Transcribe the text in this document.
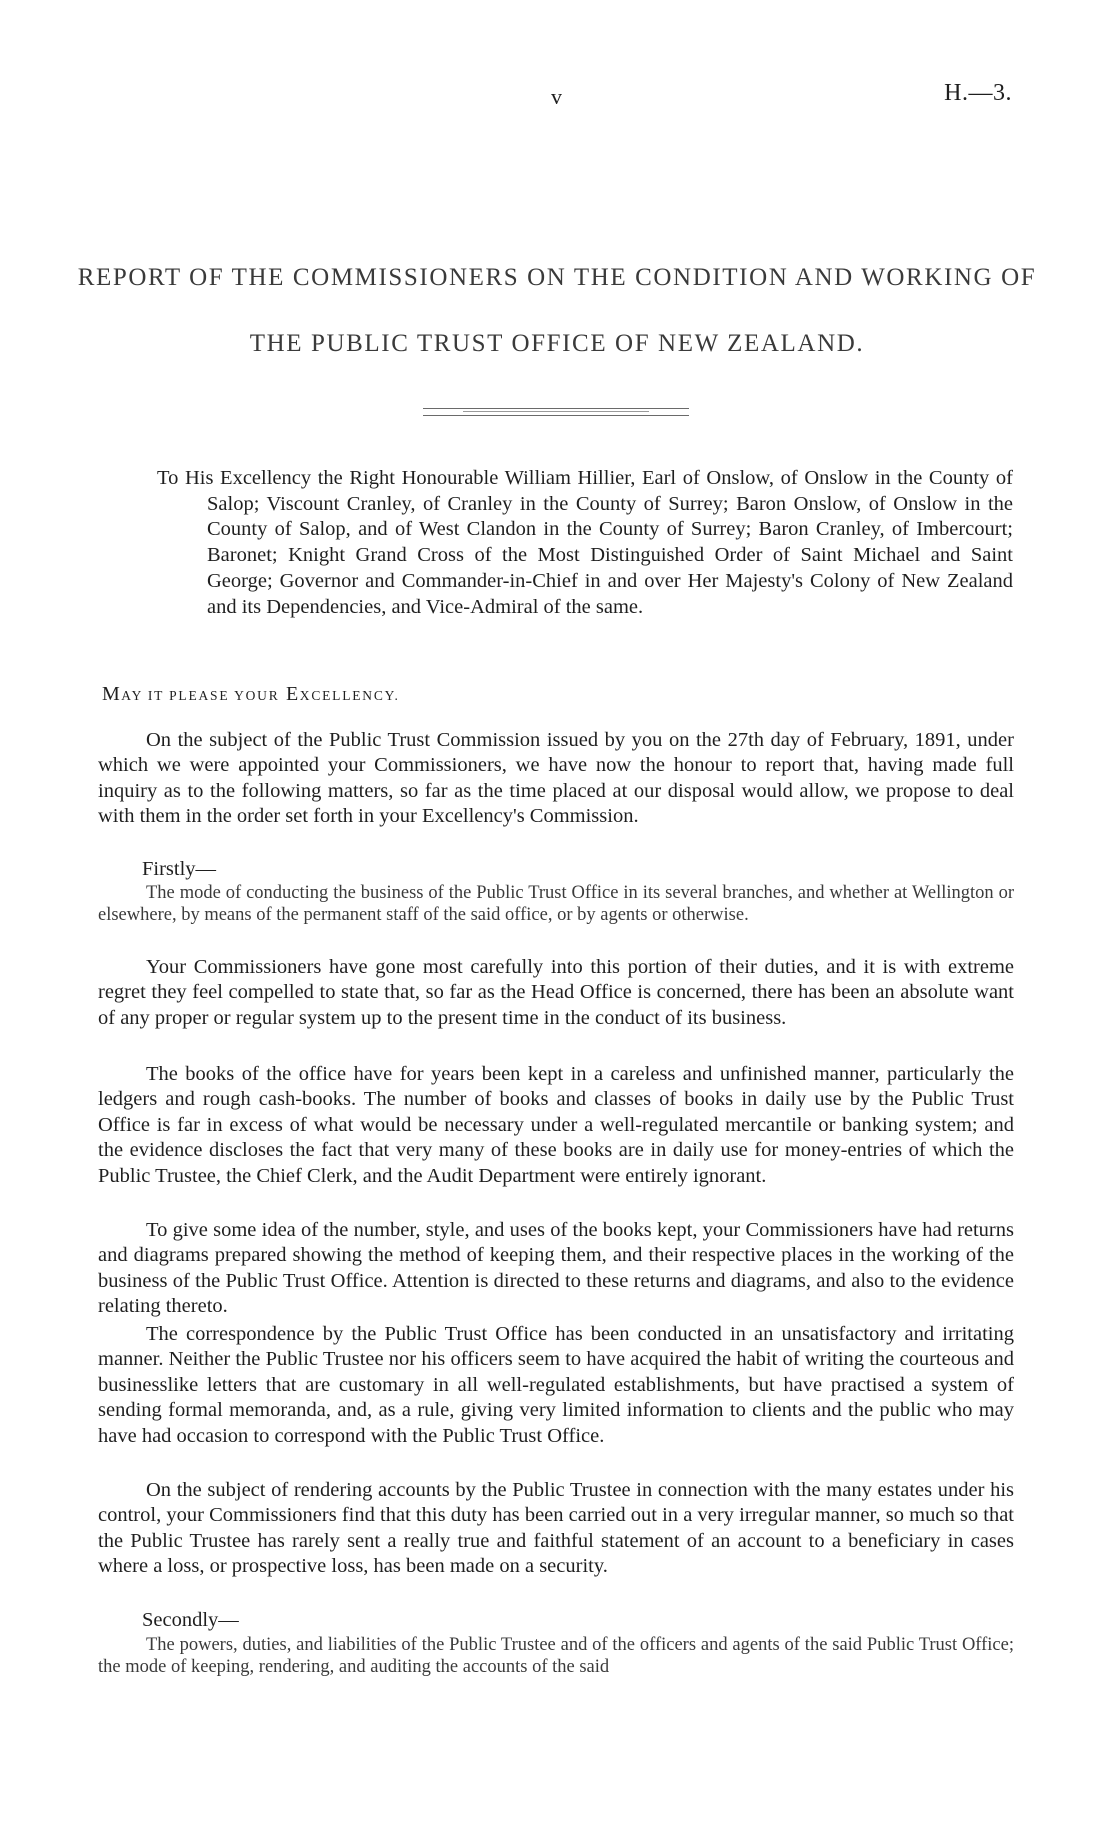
v	H.—3.
REPORT OF THE COMMISSIONERS ON THE CONDITION AND WORKING OF
THE PUBLIC TRUST OFFICE OF NEW ZEALAND.

To His Excellency the Right Honourable William Hillier, Earl of Onslow, of Onslow in the County of Salop; Viscount Cranley, of Cranley in the County of Surrey; Baron Onslow, of Onslow in the County of Salop, and of West Clandon in the County of Surrey; Baron Cranley, of Imbercourt; Baronet; Knight Grand Cross of the Most Distinguished Order of Saint Michael and Saint George; Governor and Commander-in-Chief in and over Her Majesty's Colony of New Zealand and its Dependencies, and Vice-Admiral of the same.

MAY IT PLEASE YOUR EXCELLENCY.

On the subject of the Public Trust Commission issued by you on the 27th day of February, 1891, under which we were appointed your Commissioners, we have now the honour to report that, having made full inquiry as to the following matters, so far as the time placed at our disposal would allow, we propose to deal with them in the order set forth in your Excellency's Commission.

Firstly—

The mode of conducting the business of the Public Trust Office in its several branches, and whether at Wellington or elsewhere, by means of the permanent staff of the said office, or by agents or otherwise.

Your Commissioners have gone most carefully into this portion of their duties, and it is with extreme regret they feel compelled to state that, so far as the Head Office is concerned, there has been an absolute want of any proper or regular system up to the present time in the conduct of its business.

The books of the office have for years been kept in a careless and unfinished manner, particularly the ledgers and rough cash-books. The number of books and classes of books in daily use by the Public Trust Office is far in excess of what would be necessary under a well-regulated mercantile or banking system; and the evidence discloses the fact that very many of these books are in daily use for money-entries of which the Public Trustee, the Chief Clerk, and the Audit Department were entirely ignorant.

To give some idea of the number, style, and uses of the books kept, your Commissioners have had returns and diagrams prepared showing the method of keeping them, and their respective places in the working of the business of the Public Trust Office. Attention is directed to these returns and diagrams, and also to the evidence relating thereto.

The correspondence by the Public Trust Office has been conducted in an unsatisfactory and irritating manner. Neither the Public Trustee nor his officers seem to have acquired the habit of writing the courteous and businesslike letters that are customary in all well-regulated establishments, but have practised a system of sending formal memoranda, and, as a rule, giving very limited information to clients and the public who may have had occasion to correspond with the Public Trust Office.

On the subject of rendering accounts by the Public Trustee in connection with the many estates under his control, your Commissioners find that this duty has been carried out in a very irregular manner, so much so that the Public Trustee has rarely sent a really true and faithful statement of an account to a beneficiary in cases where a loss, or prospective loss, has been made on a security.

Secondly—

The powers, duties, and liabilities of the Public Trustee and of the officers and agents of the said Public Trust Office; the mode of keeping, rendering, and auditing the accounts of the said
